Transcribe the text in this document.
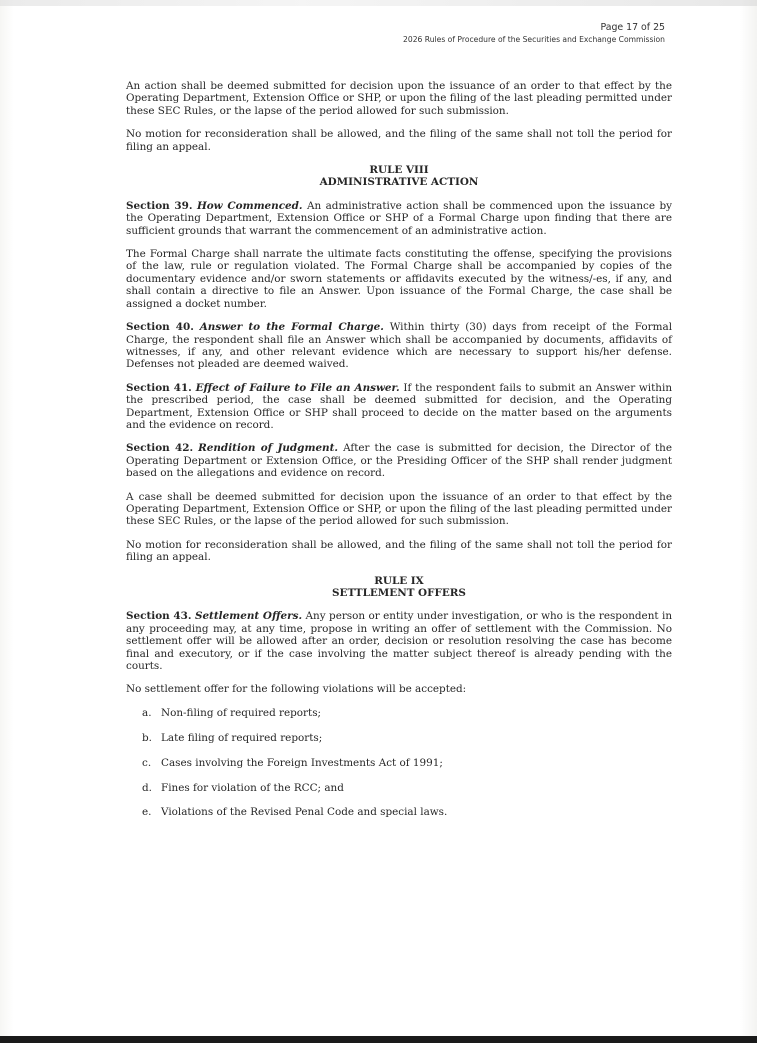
Page 17 of 25
2026 Rules of Procedure of the Securities and Exchange Commission

An action shall be deemed submitted for decision upon the issuance of an order to that effect by the Operating Department, Extension Office or SHP, or upon the filing of the last pleading permitted under these SEC Rules, or the lapse of the period allowed for such submission.

No motion for reconsideration shall be allowed, and the filing of the same shall not toll the period for filing an appeal.

RULE VIII
ADMINISTRATIVE ACTION

Section 39. How Commenced. An administrative action shall be commenced upon the issuance by the Operating Department, Extension Office or SHP of a Formal Charge upon finding that there are sufficient grounds that warrant the commencement of an administrative action.

The Formal Charge shall narrate the ultimate facts constituting the offense, specifying the provisions of the law, rule or regulation violated. The Formal Charge shall be accompanied by copies of the documentary evidence and/or sworn statements or affidavits executed by the witness/-es, if any, and shall contain a directive to file an Answer. Upon issuance of the Formal Charge, the case shall be assigned a docket number.

Section 40. Answer to the Formal Charge. Within thirty (30) days from receipt of the Formal Charge, the respondent shall file an Answer which shall be accompanied by documents, affidavits of witnesses, if any, and other relevant evidence which are necessary to support his/her defense. Defenses not pleaded are deemed waived.

Section 41. Effect of Failure to File an Answer. If the respondent fails to submit an Answer within the prescribed period, the case shall be deemed submitted for decision, and the Operating Department, Extension Office or SHP shall proceed to decide on the matter based on the arguments and the evidence on record.

Section 42. Rendition of Judgment. After the case is submitted for decision, the Director of the Operating Department or Extension Office, or the Presiding Officer of the SHP shall render judgment based on the allegations and evidence on record.

A case shall be deemed submitted for decision upon the issuance of an order to that effect by the Operating Department, Extension Office or SHP, or upon the filing of the last pleading permitted under these SEC Rules, or the lapse of the period allowed for such submission.

No motion for reconsideration shall be allowed, and the filing of the same shall not toll the period for filing an appeal.

RULE IX
SETTLEMENT OFFERS

Section 43. Settlement Offers. Any person or entity under investigation, or who is the respondent in any proceeding may, at any time, propose in writing an offer of settlement with the Commission. No settlement offer will be allowed after an order, decision or resolution resolving the case has become final and executory, or if the case involving the matter subject thereof is already pending with the courts.

No settlement offer for the following violations will be accepted:

a. Non-filing of required reports;
b. Late filing of required reports;
c. Cases involving the Foreign Investments Act of 1991;
d. Fines for violation of the RCC; and
e. Violations of the Revised Penal Code and special laws.
